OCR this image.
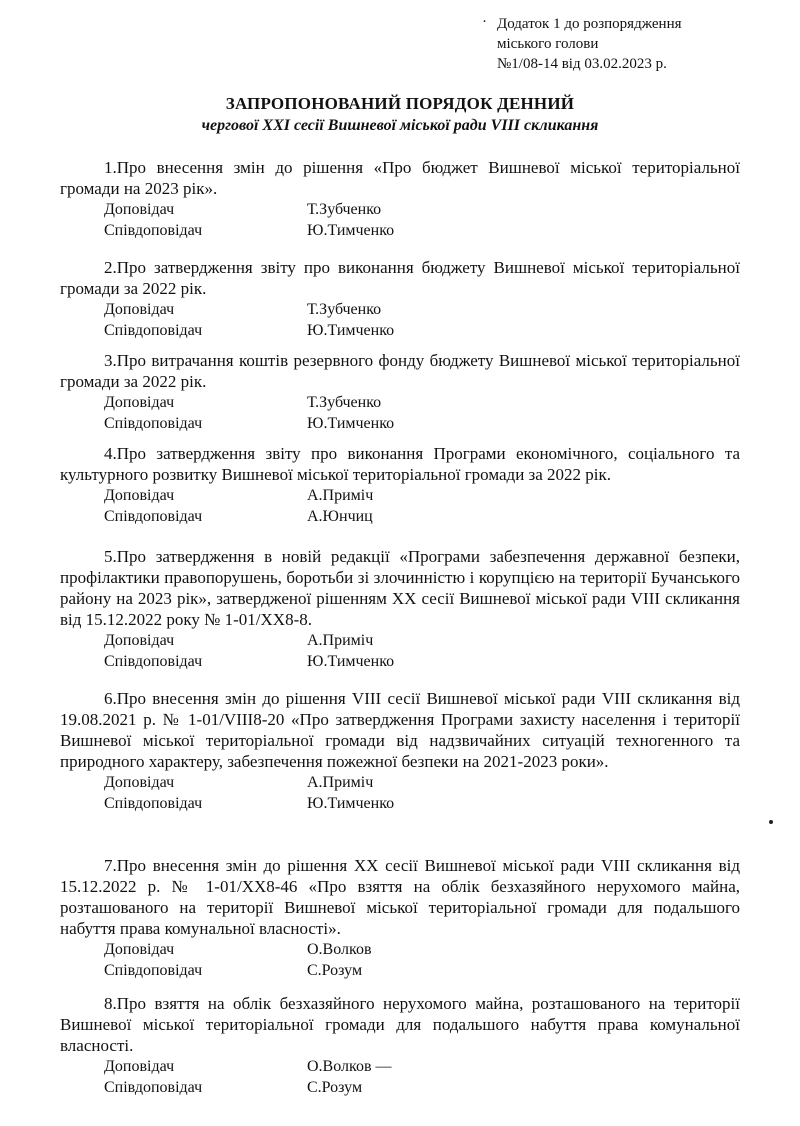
· Додаток 1 до розпорядження
міського голови
№1/08-14 від 03.02.2023 р.
ЗАПРОПОНОВАНИЙ ПОРЯДОК ДЕННИЙ
чергової XXI сесії Вишневої міської ради VIII скликання

1.Про внесення змін до рішення «Про бюджет Вишневої міської територіальної громади на 2023 рік».

Доповідач	Т.Зубченко
Співдоповідач	Ю.Тимченко

2.Про затвердження звіту про виконання бюджету Вишневої міської територіальної громади за 2022 рік.

Доповідач	Т.Зубченко
Співдоповідач	Ю.Тимченко

3.Про витрачання коштів резервного фонду бюджету Вишневої міської територіальної громади за 2022 рік.

Доповідач	Т.Зубченко
Співдоповідач	Ю.Тимченко

4.Про затвердження звіту про виконання Програми економічного, соціального та культурного розвитку Вишневої міської територіальної громади за 2022 рік.

Доповідач	А.Приміч
Співдоповідач	А.Юнчиц

5.Про затвердження в новій редакції «Програми забезпечення державної безпеки, профілактики правопорушень, боротьби зі злочинністю і корупцією на території Бучанського району на 2023 рік», затвердженої рішенням XX сесії Вишневої міської ради VIII скликання від 15.12.2022 року № 1-01/XX8-8.

Доповідач	А.Приміч
Співдоповідач	Ю.Тимченко

6.Про внесення змін до рішення VIII сесії Вишневої міської ради VIII скликання від 19.08.2021 р. № 1-01/VIII8-20 «Про затвердження Програми захисту населення і території Вишневої міської територіальної громади від надзвичайних ситуацій техногенного та природного характеру, забезпечення пожежної безпеки на 2021-2023 роки».

Доповідач	А.Приміч
Співдоповідач	Ю.Тимченко

7.Про внесення змін до рішення XX сесії Вишневої міської ради VIII скликання від 15.12.2022 р. № 1-01/XX8-46 «Про взяття на облік безхазяйного нерухомого майна, розташованого на території Вишневої міської територіальної громади для подальшого набуття права комунальної власності».

Доповідач	О.Волков
Співдоповідач	С.Розум

8.Про взяття на облік безхазяйного нерухомого майна, розташованого на території Вишневої міської територіальної громади для подальшого набуття права комунальної власності.

Доповідач	О.Волков —
Співдоповідач	С.Розум
